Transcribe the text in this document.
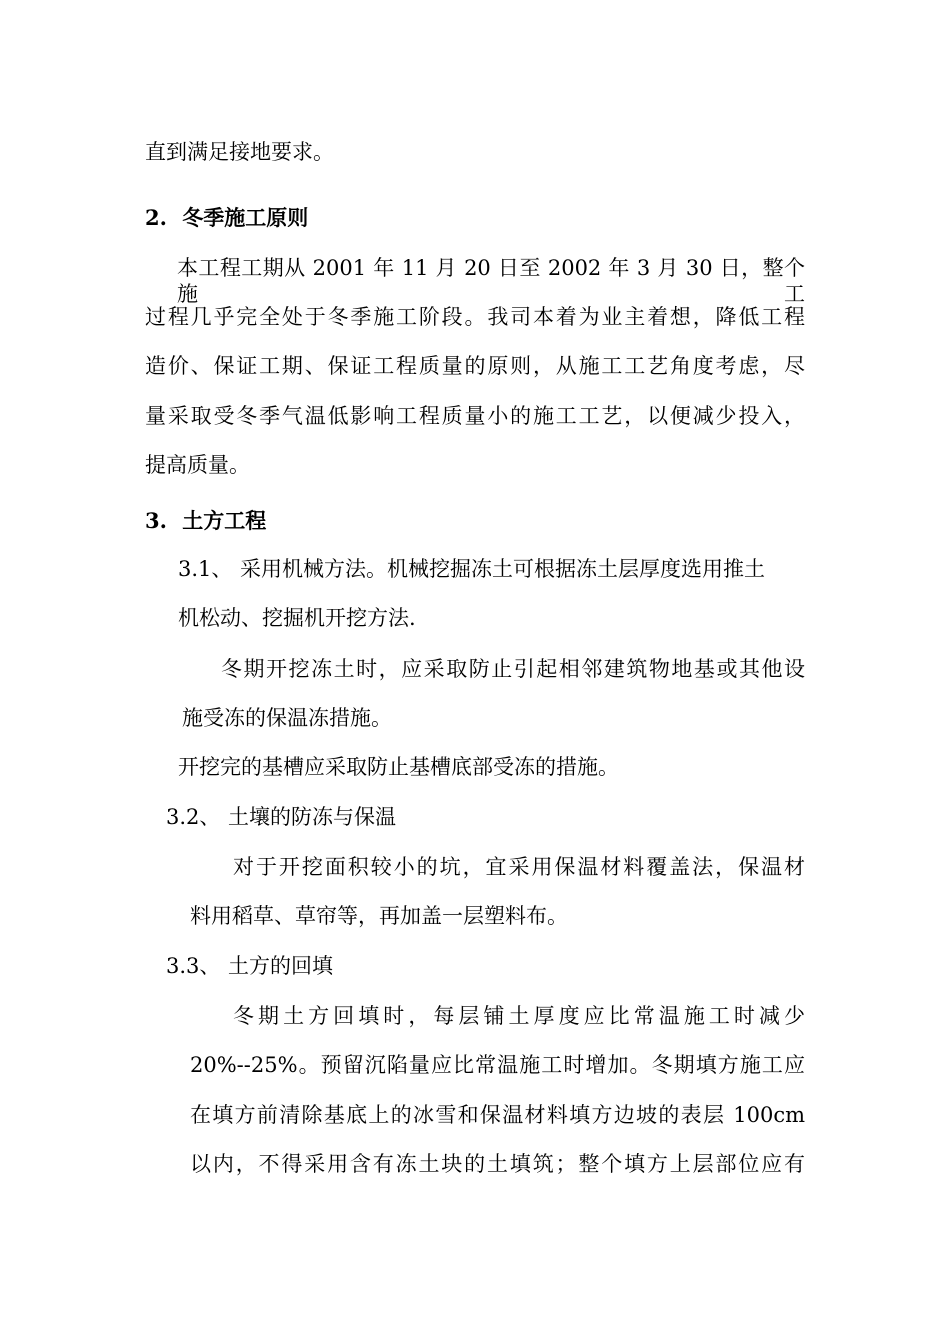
直到满足接地要求。
2. 冬季施工原则
本工程工期从 2001 年 11 月 20 日至 2002 年 3 月 30 日，整个施工
过程几乎完全处于冬季施工阶段。我司本着为业主着想，降低工程
造价、保证工期、保证工程质量的原则，从施工工艺角度考虑，尽
量采取受冬季气温低影响工程质量小的施工工艺，以便减少投入，
提高质量。
3. 土方工程
3.1、 采用机械方法。机械挖掘冻土可根据冻土层厚度选用推土
机松动、挖掘机开挖方法.
冬期开挖冻土时，应采取防止引起相邻建筑物地基或其他设
施受冻的保温冻措施。
开挖完的基槽应采取防止基槽底部受冻的措施。
3.2、 土壤的防冻与保温
对于开挖面积较小的坑，宜采用保温材料覆盖法，保温材
料用稻草、草帘等，再加盖一层塑料布。
3.3、 土方的回填
冬期土方回填时，每层铺土厚度应比常温施工时减少
20%--25%。预留沉陷量应比常温施工时增加。冬期填方施工应
在填方前清除基底上的冰雪和保温材料填方边坡的表层 100cm
以内，不得采用含有冻土块的土填筑；整个填方上层部位应有
